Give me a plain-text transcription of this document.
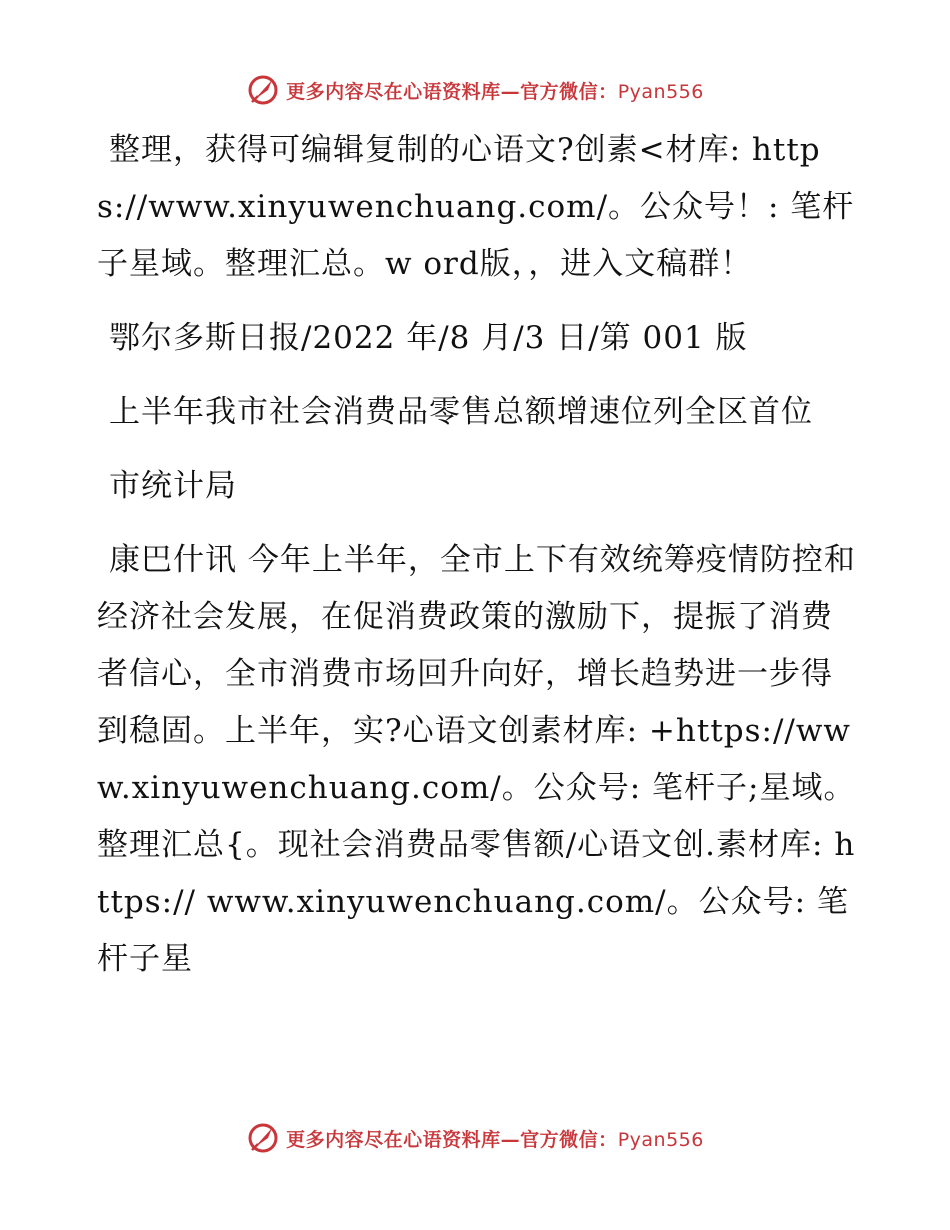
更多内容尽在心语资料库—官方微信：Pyan556

整理，获得可编辑复制的心语文?创素<材库: https://www.xinyuwenchuang.com/。公众号！: 笔杆子星域。整理汇总。w ord版，，进入文稿群！

鄂尔多斯日报/2022 年/8 月/3 日/第 001 版

上半年我市社会消费品零售总额增速位列全区首位

市统计局

康巴什讯 今年上半年，全市上下有效统筹疫情防控和经济社会发展，在促消费政策的激励下，提振了消费者信心，全市消费市场回升向好，增长趋势进一步得到稳固。上半年，实?心语文创素材库: +https://www.xinyuwenchuang.com/。公众号: 笔杆子;星域。整理汇总{。现社会消费品零售额/心语文创.素材库: https:// www.xinyuwenchuang.com/。公众号: 笔杆子星

更多内容尽在心语资料库—官方微信：Pyan556
